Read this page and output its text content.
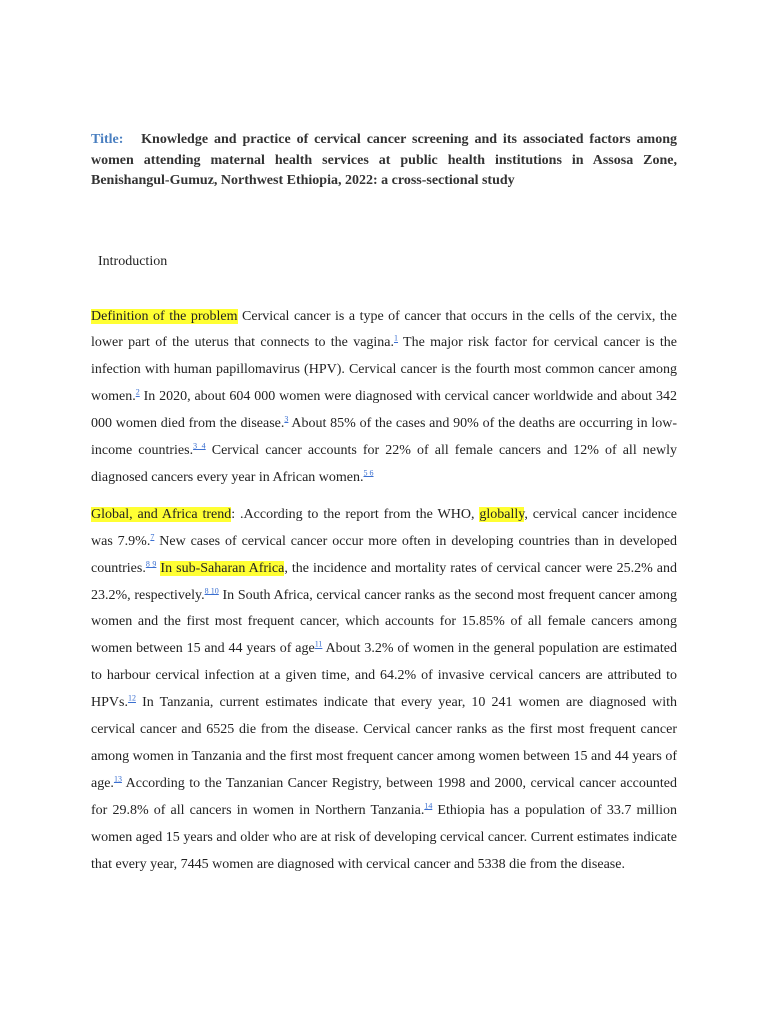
Title: Knowledge and practice of cervical cancer screening and its associated factors among women attending maternal health services at public health institutions in Assosa Zone, Benishangul-Gumuz, Northwest Ethiopia, 2022: a cross-sectional study
Introduction

Definition of the problem Cervical cancer is a type of cancer that occurs in the cells of the cervix, the lower part of the uterus that connects to the vagina.$^1$ The major risk factor for cervical cancer is the infection with human papillomavirus (HPV). Cervical cancer is the fourth most common cancer among women.$^2$ In 2020, about 604 000 women were diagnosed with cervical cancer worldwide and about 342 000 women died from the disease.$^3$ About 85% of the cases and 90% of the deaths are occurring in low-income countries.$^{3 4}$ Cervical cancer accounts for 22% of all female cancers and 12% of all newly diagnosed cancers every year in African women.$^{5 6}$

Global, and Africa trend: .According to the report from the WHO, globally, cervical cancer incidence was 7.9%.$^7$ New cases of cervical cancer occur more often in developing countries than in developed countries.$^{8 9}$ In sub-Saharan Africa, the incidence and mortality rates of cervical cancer were 25.2% and 23.2%, respectively.$^{8 10}$ In South Africa, cervical cancer ranks as the second most frequent cancer among women and the first most frequent cancer, which accounts for 15.85% of all female cancers among women between 15 and 44 years of age$^{11}$ About 3.2% of women in the general population are estimated to harbour cervical infection at a given time, and 64.2% of invasive cervical cancers are attributed to HPVs.$^{12}$ In Tanzania, current estimates indicate that every year, 10 241 women are diagnosed with cervical cancer and 6525 die from the disease. Cervical cancer ranks as the first most frequent cancer among women in Tanzania and the first most frequent cancer among women between 15 and 44 years of age.$^{13}$ According to the Tanzanian Cancer Registry, between 1998 and 2000, cervical cancer accounted for 29.8% of all cancers in women in Northern Tanzania.$^{14}$ Ethiopia has a population of 33.7 million women aged 15 years and older who are at risk of developing cervical cancer. Current estimates indicate that every year, 7445 women are diagnosed with cervical cancer and 5338 die from the disease.
